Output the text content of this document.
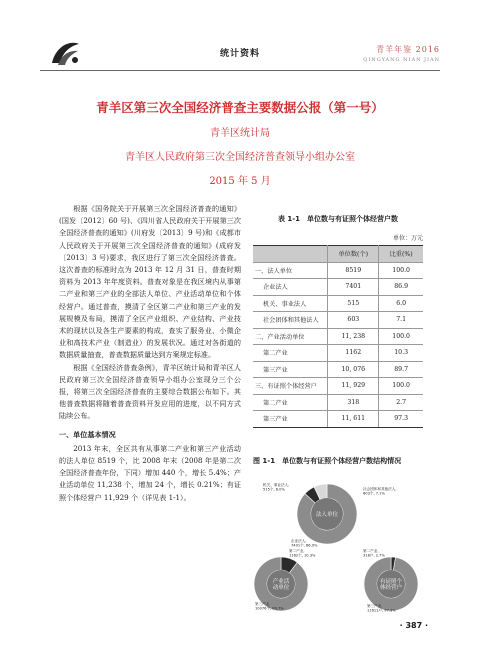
统计资料	青羊年鉴 2016
QINGYANG NIAN JIAN
青羊区第三次全国经济普查主要数据公报（第一号）
青羊区统计局
青羊区人民政府第三次全国经济普查领导小组办公室
2015 年 5 月

根据《国务院关于开展第三次全国经济普查的通知》(国发〔2012〕60 号)、《四川省人民政府关于开展第三次全国经济普查的通知》(川府发〔2013〕9 号)和《成都市人民政府关于开展第三次全国经济普查的通知》(成府发〔2013〕3 号)要求，我区进行了第三次全国经济普查。这次普查的标准时点为 2013 年 12 月 31 日，普查时期资料为 2013 年年度资料。普查对象是在我区境内从事第二产业和第三产业的全部法人单位、产业活动单位和个体经营户。通过普查，摸清了全区第二产业和第三产业的发展规模及布局，摸清了全区产业组织、产业结构、产业技术的现状以及各生产要素的构成，查实了服务业、小微企业和高技术产业（制造业）的发展状况。通过对各街道的数据质量抽查，普查数据质量达到方案规定标准。

根据《全国经济普查条例》，青羊区统计局和青羊区人民政府第三次全国经济普查领导小组办公室现分三个公报，将第三次全国经济普查的主要综合数据公布如下。其他普查数据将随着普查资料开发应用的进度，以不同方式陆续公布。

一、单位基本情况

2013 年末，全区共有从事第二产业和第三产业活动的法人单位 8519 个，比 2008 年末（2008 年是第二次全国经济普查年份，下同）增加 440 个，增长 5.4%；产业活动单位 11,238 个，增加 24 个，增长 0.21%；有证照个体经营户 11,929 个（详见表 1-1）。

表 1-1　单位数与有证照个体经营户数
单位：万元
	单位数(个)	比重(%)
一、法人单位	8519	100.0
企业法人	7401	86.9
机关、事业法人	515	6.0
社会团体和其他法人	603	7.1
二、产业活动单位	11, 238	100.0
第二产业	1162	10.3
第三产业	10, 076	89.7
三、有证照个体经营户	11, 929	100.0
第二产业	318	2.7
第三产业	11, 611	97.3
图 1-1　单位数与有证照个体经营户数结构情况
法人单位
企业法人, 7401个, 86.9%
机关、事业法人, 515个, 6.0%	社会团体和其他法人, 603个, 7.1%
产业活动单位
第二产业, 1162个, 10.3%
第三产业, 10076个, 89.7%
有证照个体经营户
第二产业, 318户, 2.7%
第三产业, 11611户, 97.3%
· 387 ·
